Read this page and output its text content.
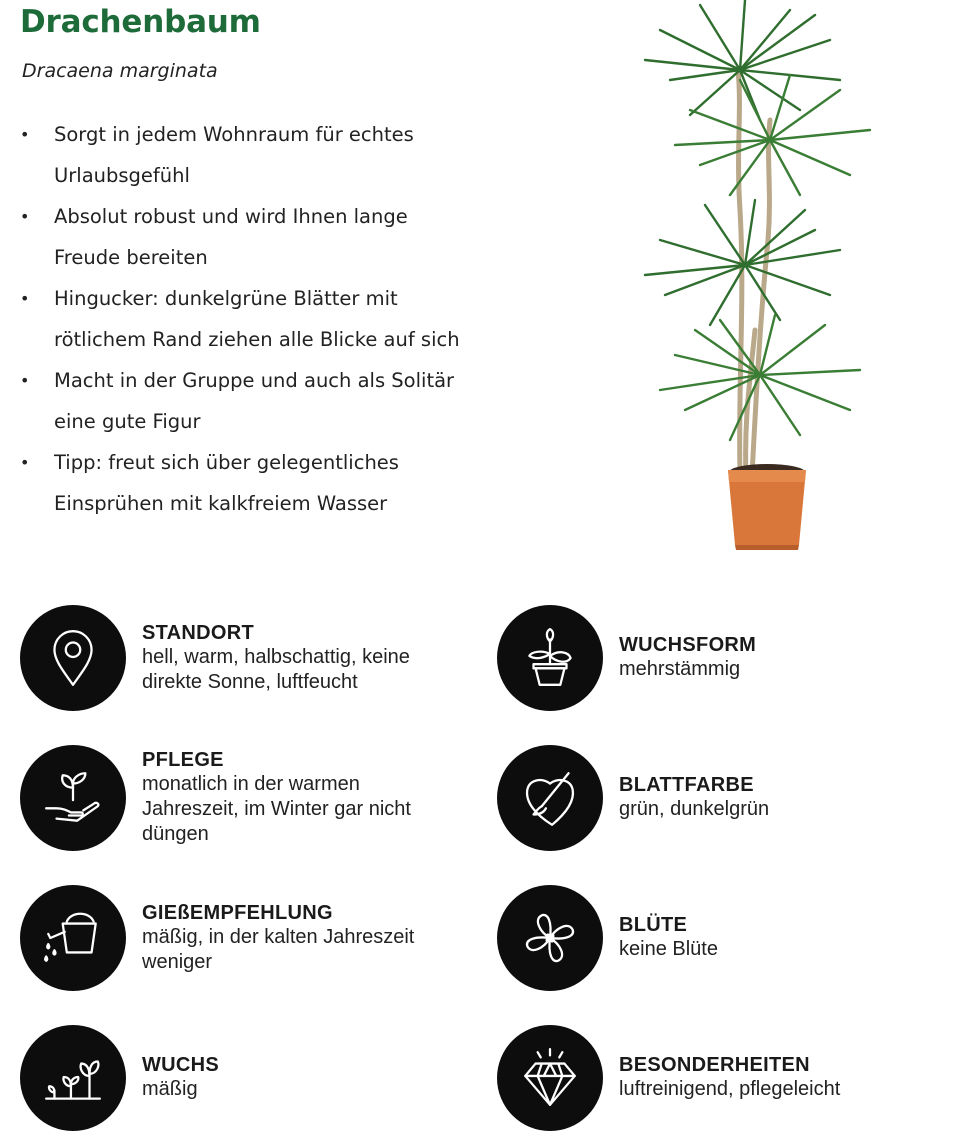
Drachenbaum
Dracaena marginata
• Sorgt in jedem Wohnraum für echtes Urlaubsgefühl
• Absolut robust und wird Ihnen lange Freude bereiten
• Hingucker: dunkelgrüne Blätter mit rötlichem Rand ziehen alle Blicke auf sich
• Macht in der Gruppe und auch als Solitär eine gute Figur
• Tipp: freut sich über gelegentliches Einsprühen mit kalkfreiem Wasser
STANDORT
hell, warm, halbschattig, keine
direkte Sonne, luftfeucht
PFLEGE
monatlich in der warmen
Jahreszeit, im Winter gar nicht
düngen
GIEßEMPFEHLUNG
mäßig, in der kalten Jahreszeit
weniger
WUCHS
mäßig
WUCHSFORM
mehrstämmig
BLATTFARBE
grün, dunkelgrün
BLÜTE
keine Blüte
BESONDERHEITEN
luftreinigend, pflegeleicht
